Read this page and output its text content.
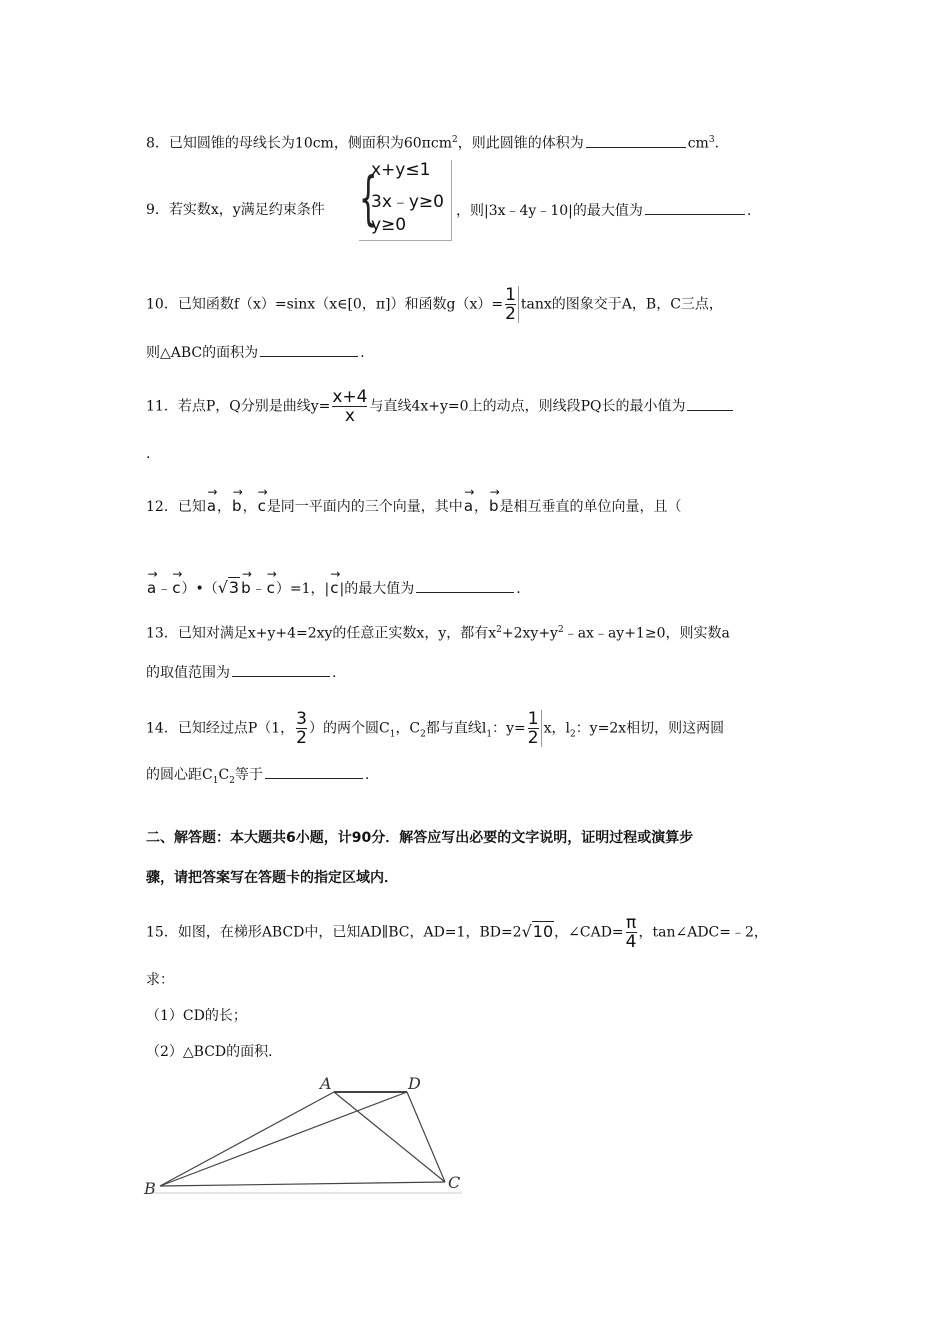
8．已知圆锥的母线长为10cm，侧面积为60πcm$^2$，则此圆锥的体积为	$cm^3$.
9．若实数x，y满足约束条件 {
x+y≤1
3x﹣y≥0
y≥0
，则|3x﹣4y﹣10|的最大值为	.
10．已知函数f（x）=sinx（x∈[0，π]）和函数$g(x)= \frac{1}{2}$ tanx的图象交于A，B，C三点，
则△ABC的面积为	.
11．若点P，Q分别是曲线$y= \frac{x+4}{x}$ 与直线4x+y=0上的动点，则线段PQ长的最小值为
.
12．已知
→
a，
→
b，
→
c是同一平面内的三个向量，其中
→
a，
→
b是相互垂直的单位向量，且（
→
a﹣
→
c）•（√3
→
b﹣
→
c）=1，|
→
c|的最大值为	.
13．已知对满足x+y+4=2xy的任意正实数x，y，都有$x^2+2xy+y^2﹣ax﹣ay+1\ge 0$，则实数a
的取值范围为	.
14．已知经过点P（1， $\frac{3}{2}$ ）的两个圆$C_1$，$C_2$都与直线$l_1$：$y= \frac{1}{2}$ x，$l_2$：y=2x相切，则这两圆
的圆心距$C_1C_2$等于	.
二、解答题：本大题共6小题，计90分．解答应写出必要的文字说明，证明过程或演算步
骤，请把答案写在答题卡的指定区域内．
15．如图，在梯形ABCD中，已知AD∥BC，AD=1，BD=2√10，∠CAD= $\frac{\pi}{4}$ ，tan∠ADC=﹣2，
求：
（1）CD的长；
（2）△BCD的面积．
A
B	C
D
